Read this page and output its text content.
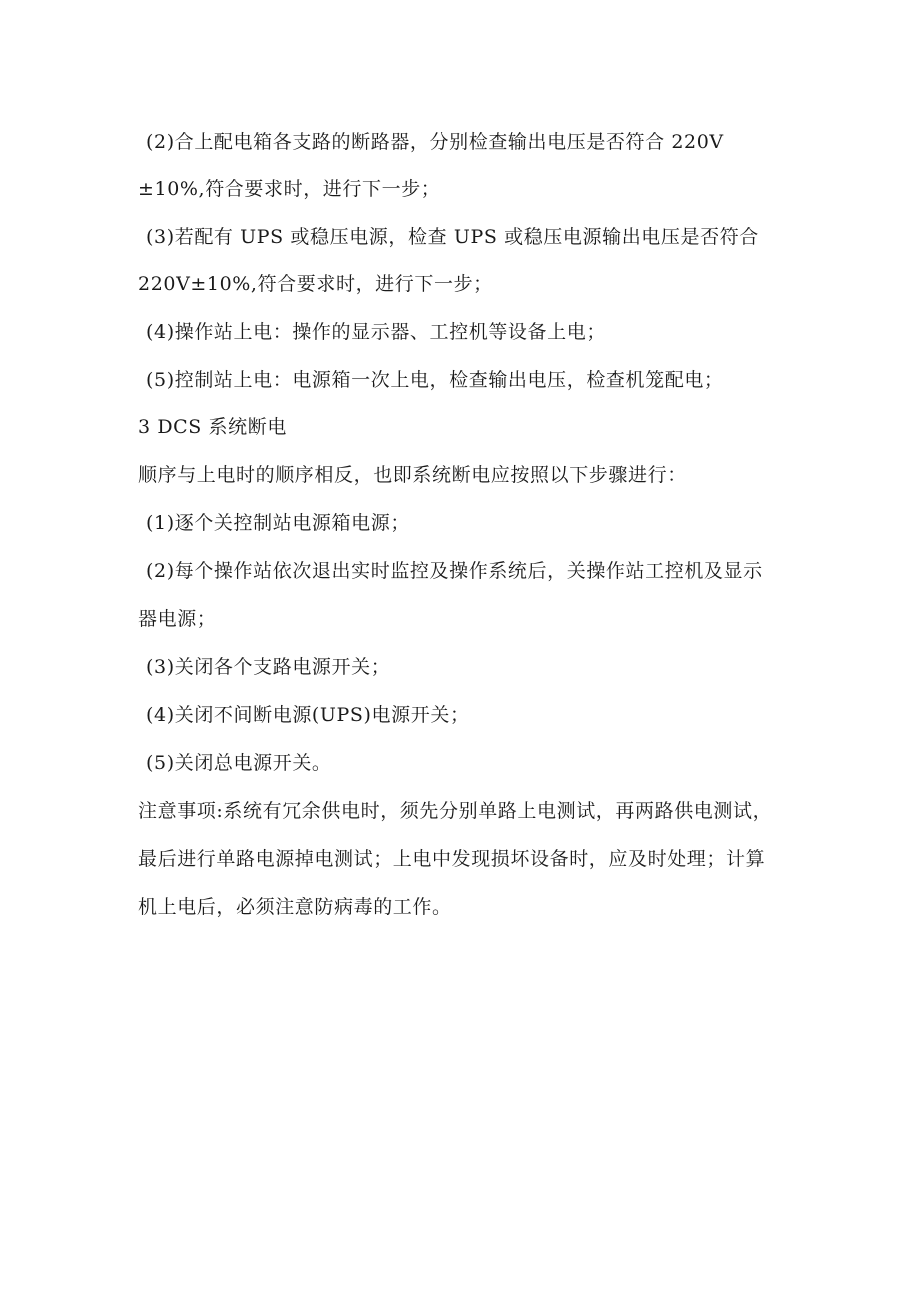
(2)合上配电箱各支路的断路器，分别检查输出电压是否符合 220V
±10%,符合要求时，进行下一步；
(3)若配有 UPS 或稳压电源，检查 UPS 或稳压电源输出电压是否符合
220V±10%,符合要求时，进行下一步；
(4)操作站上电：操作的显示器、工控机等设备上电；
(5)控制站上电：电源箱一次上电，检查输出电压，检查机笼配电；
3 DCS 系统断电
顺序与上电时的顺序相反，也即系统断电应按照以下步骤进行：
(1)逐个关控制站电源箱电源；
(2)每个操作站依次退出实时监控及操作系统后，关操作站工控机及显示
器电源；
(3)关闭各个支路电源开关；
(4)关闭不间断电源(UPS)电源开关；
(5)关闭总电源开关。
注意事项:系统有冗余供电时，须先分别单路上电测试，再两路供电测试，
最后进行单路电源掉电测试；上电中发现损坏设备时，应及时处理；计算
机上电后，必须注意防病毒的工作。
